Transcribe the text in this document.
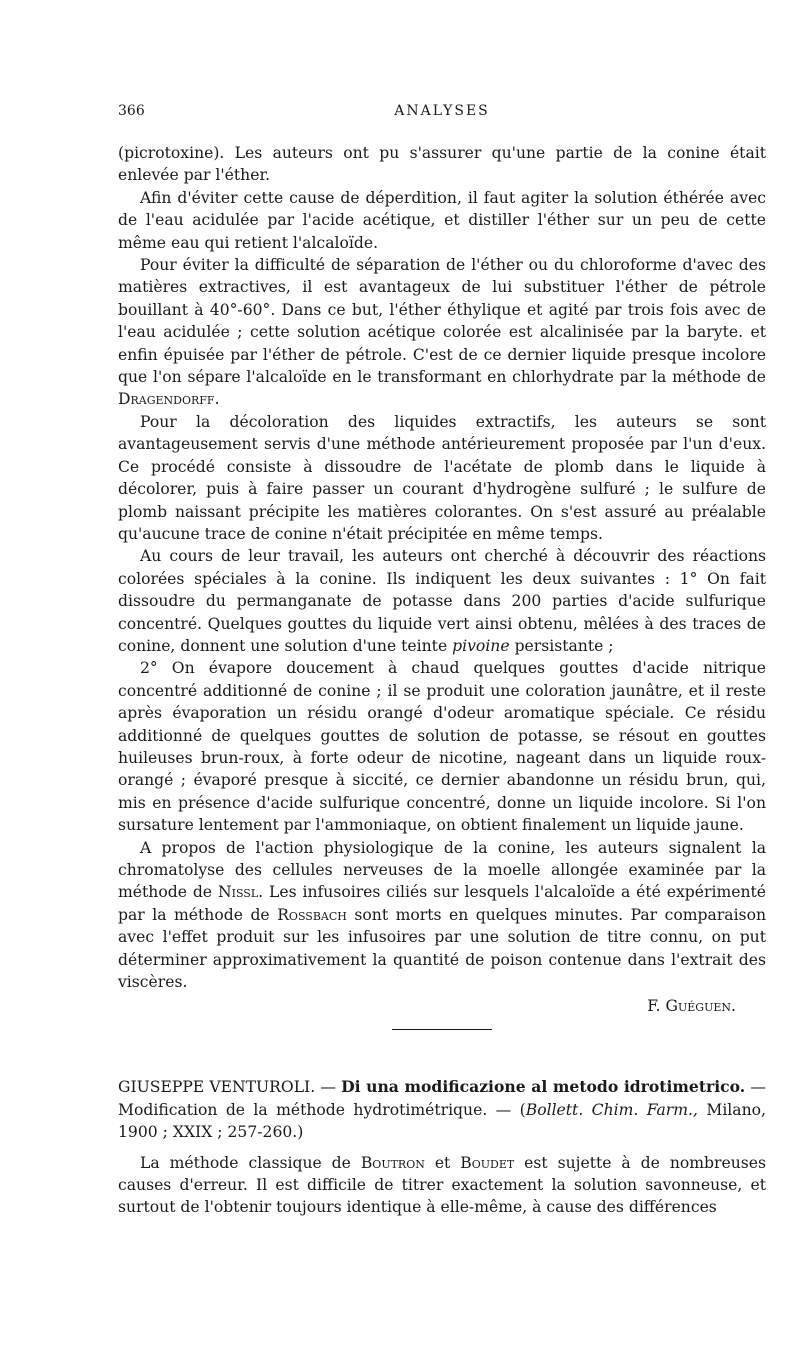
366	ANALYSES

(picrotoxine). Les auteurs ont pu s'assurer qu'une partie de la conine était enlevée par l'éther.

Afin d'éviter cette cause de déperdition, il faut agiter la solution éthérée avec de l'eau acidulée par l'acide acétique, et distiller l'éther sur un peu de cette même eau qui retient l'alcaloïde.

Pour éviter la difficulté de séparation de l'éther ou du chloroforme d'avec des matières extractives, il est avantageux de lui substituer l'éther de pétrole bouillant à 40°-60°. Dans ce but, l'éther éthylique et agité par trois fois avec de l'eau acidulée ; cette solution acétique colorée est alcalinisée par la baryte. et enfin épuisée par l'éther de pétrole. C'est de ce dernier liquide presque incolore que l'on sépare l'alcaloïde en le transformant en chlorhydrate par la méthode de Dragendorff.

Pour la décoloration des liquides extractifs, les auteurs se sont avantageusement servis d'une méthode antérieurement proposée par l'un d'eux. Ce procédé consiste à dissoudre de l'acétate de plomb dans le liquide à décolorer, puis à faire passer un courant d'hydrogène sulfuré ; le sulfure de plomb naissant précipite les matières colorantes. On s'est assuré au préalable qu'aucune trace de conine n'était précipitée en même temps.

Au cours de leur travail, les auteurs ont cherché à découvrir des réactions colorées spéciales à la conine. Ils indiquent les deux suivantes : 1° On fait dissoudre du permanganate de potasse dans 200 parties d'acide sulfurique concentré. Quelques gouttes du liquide vert ainsi obtenu, mêlées à des traces de conine, donnent une solution d'une teinte pivoine persistante ;

2° On évapore doucement à chaud quelques gouttes d'acide nitrique concentré additionné de conine ; il se produit une coloration jaunâtre, et il reste après évaporation un résidu orangé d'odeur aromatique spéciale. Ce résidu additionné de quelques gouttes de solution de potasse, se résout en gouttes huileuses brun-roux, à forte odeur de nicotine, nageant dans un liquide roux-orangé ; évaporé presque à siccité, ce dernier abandonne un résidu brun, qui, mis en présence d'acide sulfurique concentré, donne un liquide incolore. Si l'on sursature lentement par l'ammoniaque, on obtient finalement un liquide jaune.

A propos de l'action physiologique de la conine, les auteurs signalent la chromatolyse des cellules nerveuses de la moelle allongée examinée par la méthode de Nissl. Les infusoires ciliés sur lesquels l'alcaloïde a été expérimenté par la méthode de Rossbach sont morts en quelques minutes. Par comparaison avec l'effet produit sur les infusoires par une solution de titre connu, on put déterminer approximativement la quantité de poison contenue dans l'extrait des viscères.

F. Guéguen.

GIUSEPPE VENTUROLI. — Di una modificazione al metodo idrotimetrico. — Modification de la méthode hydrotimétrique. — (Bollett. Chim. Farm., Milano, 1900 ; XXIX ; 257-260.)

La méthode classique de Boutron et Boudet est sujette à de nombreuses causes d'erreur. Il est difficile de titrer exactement la solution savonneuse, et surtout de l'obtenir toujours identique à elle-même, à cause des différences
